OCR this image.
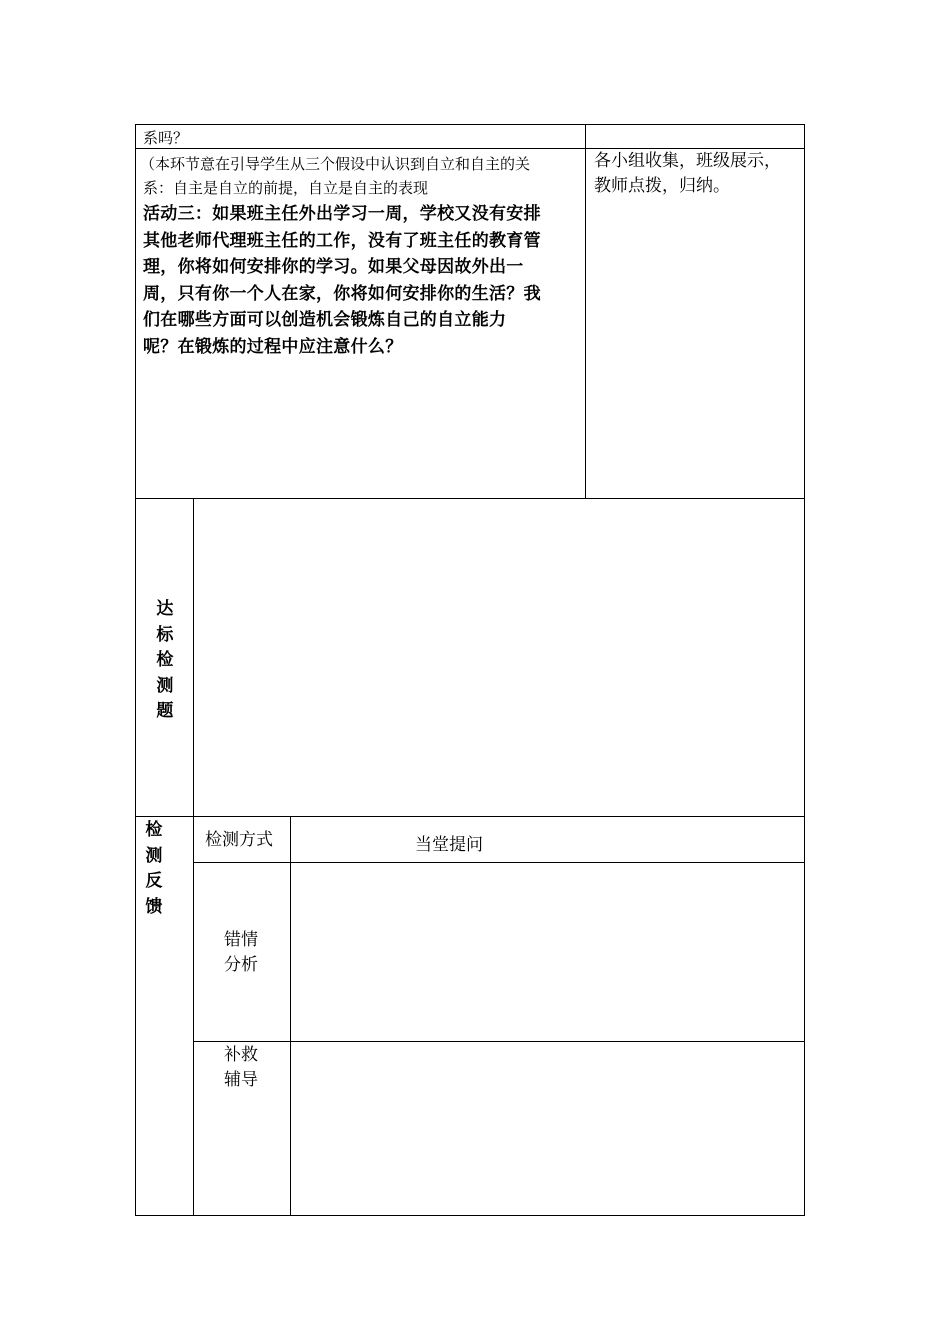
系吗？
（本环节意在引导学生从三个假设中认识到自立和自主的关
系：自主是自立的前提，自立是自主的表现
活动三：如果班主任外出学习一周，学校又没有安排
其他老师代理班主任的工作，没有了班主任的教育管
理，你将如何安排你的学习。如果父母因故外出一
周，只有你一个人在家，你将如何安排你的生活？我
们在哪些方面可以创造机会锻炼自己的自立能力
呢？在锻炼的过程中应注意什么？
各小组收集，班级展示，
教师点拨，归纳。
达
标
检
测
题
检
测
反
馈
检测方式	当堂提问
错情
分析
补救
辅导
